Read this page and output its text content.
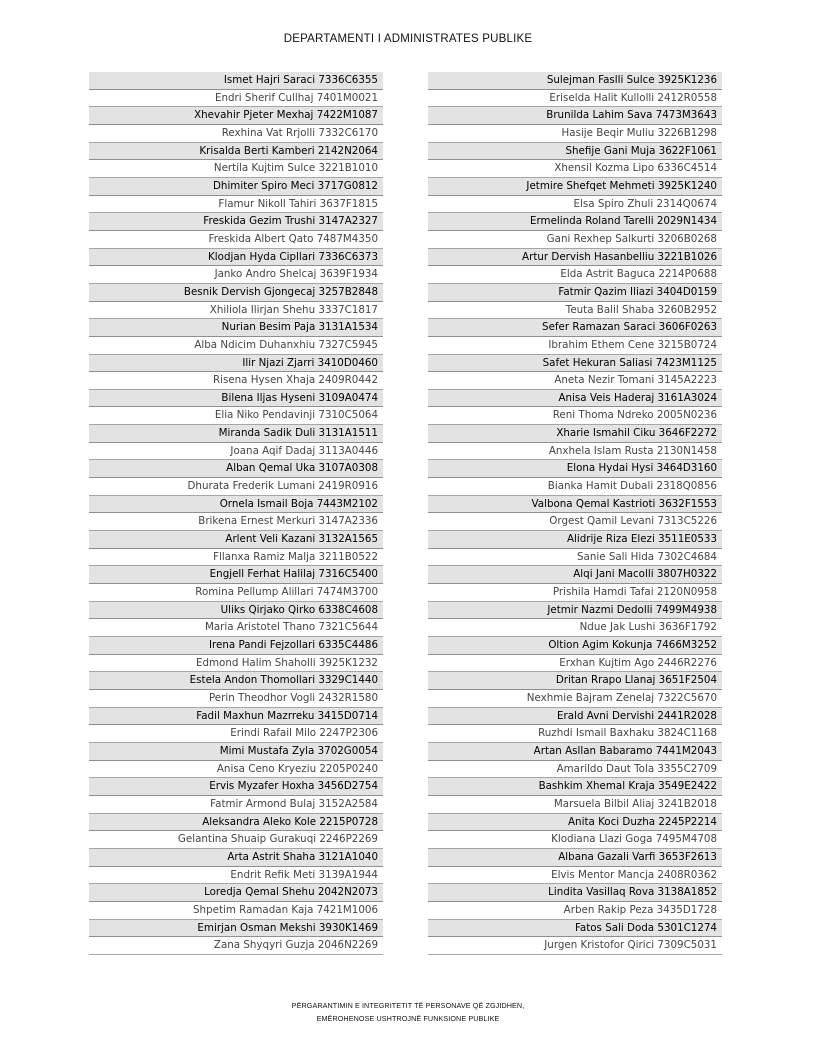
DEPARTAMENTI I ADMINISTRATES PUBLIKE
Ismet Hajri Saraci 7336C6355
Endri Sherif Cullhaj 7401M0021
Xhevahir Pjeter Mexhaj 7422M1087
Rexhina Vat Rrjolli 7332C6170
Krisalda Berti Kamberi 2142N2064
Nertila Kujtim Sulce 3221B1010
Dhimiter Spiro Meci 3717G0812
Flamur Nikoll Tahiri 3637F1815
Freskida Gezim Trushi 3147A2327
Freskida Albert Qato 7487M4350
Klodjan Hyda Cipllari 7336C6373
Janko Andro Shelcaj 3639F1934
Besnik Dervish Gjongecaj 3257B2848
Xhiliola Ilirjan Shehu 3337C1817
Nurian Besim Paja 3131A1534
Alba Ndicim Duhanxhiu 7327C5945
Ilir Njazi Zjarri 3410D0460
Risena Hysen Xhaja 2409R0442
Bilena Iljas Hyseni 3109A0474
Elia Niko Pendavinji 7310C5064
Miranda Sadik Duli 3131A1511
Joana Aqif Dadaj 3113A0446
Alban Qemal Uka 3107A0308
Dhurata Frederik Lumani 2419R0916
Ornela Ismail Boja 7443M2102
Brikena Ernest Merkuri 3147A2336
Arlent Veli Kazani 3132A1565
Fllanxa Ramiz Malja 3211B0522
Engjell Ferhat Halilaj 7316C5400
Romina Pellump Alillari 7474M3700
Uliks Qirjako Qirko 6338C4608
Maria Aristotel Thano 7321C5644
Irena Pandi Fejzollari 6335C4486
Edmond Halim Shaholli 3925K1232
Estela Andon Thomollari 3329C1440
Perin Theodhor Vogli 2432R1580
Fadil Maxhun Mazrreku 3415D0714
Erindi Rafail Milo 2247P2306
Mimi Mustafa Zyla 3702G0054
Anisa Ceno Kryeziu 2205P0240
Ervis Myzafer Hoxha 3456D2754
Fatmir Armond Bulaj 3152A2584
Aleksandra Aleko Kole 2215P0728
Gelantina Shuaip Gurakuqi 2246P2269
Arta Astrit Shaha 3121A1040
Endrit Refik Meti 3139A1944
Loredja Qemal Shehu 2042N2073
Shpetim Ramadan Kaja 7421M1006
Emirjan Osman Mekshi 3930K1469
Zana Shyqyri Guzja 2046N2269
Sulejman Faslli Sulce 3925K1236
Eriselda Halit Kullolli 2412R0558
Brunilda Lahim Sava 7473M3643
Hasije Beqir Muliu 3226B1298
Shefije Gani Muja 3622F1061
Xhensil Kozma Lipo 6336C4514
Jetmire Shefqet Mehmeti 3925K1240
Elsa Spiro Zhuli 2314Q0674
Ermelinda Roland Tarelli 2029N1434
Gani Rexhep Salkurti 3206B0268
Artur Dervish Hasanbelliu 3221B1026
Elda Astrit Baguca 2214P0688
Fatmir Qazim Iliazi 3404D0159
Teuta Balil Shaba 3260B2952
Sefer Ramazan Saraci 3606F0263
Ibrahim Ethem Cene 3215B0724
Safet Hekuran Saliasi 7423M1125
Aneta Nezir Tomani 3145A2223
Anisa Veis Haderaj 3161A3024
Reni Thoma Ndreko 2005N0236
Xharie Ismahil Ciku 3646F2272
Anxhela Islam Rusta 2130N1458
Elona Hydai Hysi 3464D3160
Bianka Hamit Dubali 2318Q0856
Valbona Qemal Kastrioti 3632F1553
Orgest Qamil Levani 7313C5226
Alidrije Riza Elezi 3511E0533
Sanie Sali Hida 7302C4684
Alqi Jani Macolli 3807H0322
Prishila Hamdi Tafai 2120N0958
Jetmir Nazmi Dedolli 7499M4938
Ndue Jak Lushi 3636F1792
Oltion Agim Kokunja 7466M3252
Erxhan Kujtim Ago 2446R2276
Dritan Rrapo Llanaj 3651F2504
Nexhmie Bajram Zenelaj 7322C5670
Erald Avni Dervishi 2441R2028
Ruzhdi Ismail Baxhaku 3824C1168
Artan Asllan Babaramo 7441M2043
Amarildo Daut Tola 3355C2709
Bashkim Xhemal Kraja 3549E2422
Marsuela Bilbil Aliaj 3241B2018
Anita Koci Duzha 2245P2214
Klodiana Llazi Goga 7495M4708
Albana Gazali Varfi 3653F2613
Elvis Mentor Mancja 2408R0362
Lindita Vasillaq Rova 3138A1852
Arben Rakip Peza 3435D1728
Fatos Sali Doda 5301C1274
Jurgen Kristofor Qirici 7309C5031
PËRGARANTIMIN E INTEGRITETIT TË PERSONAVE QË ZGJIDHEN,
EMËROHENOSE USHTROJNË FUNKSIONE PUBLIKE
